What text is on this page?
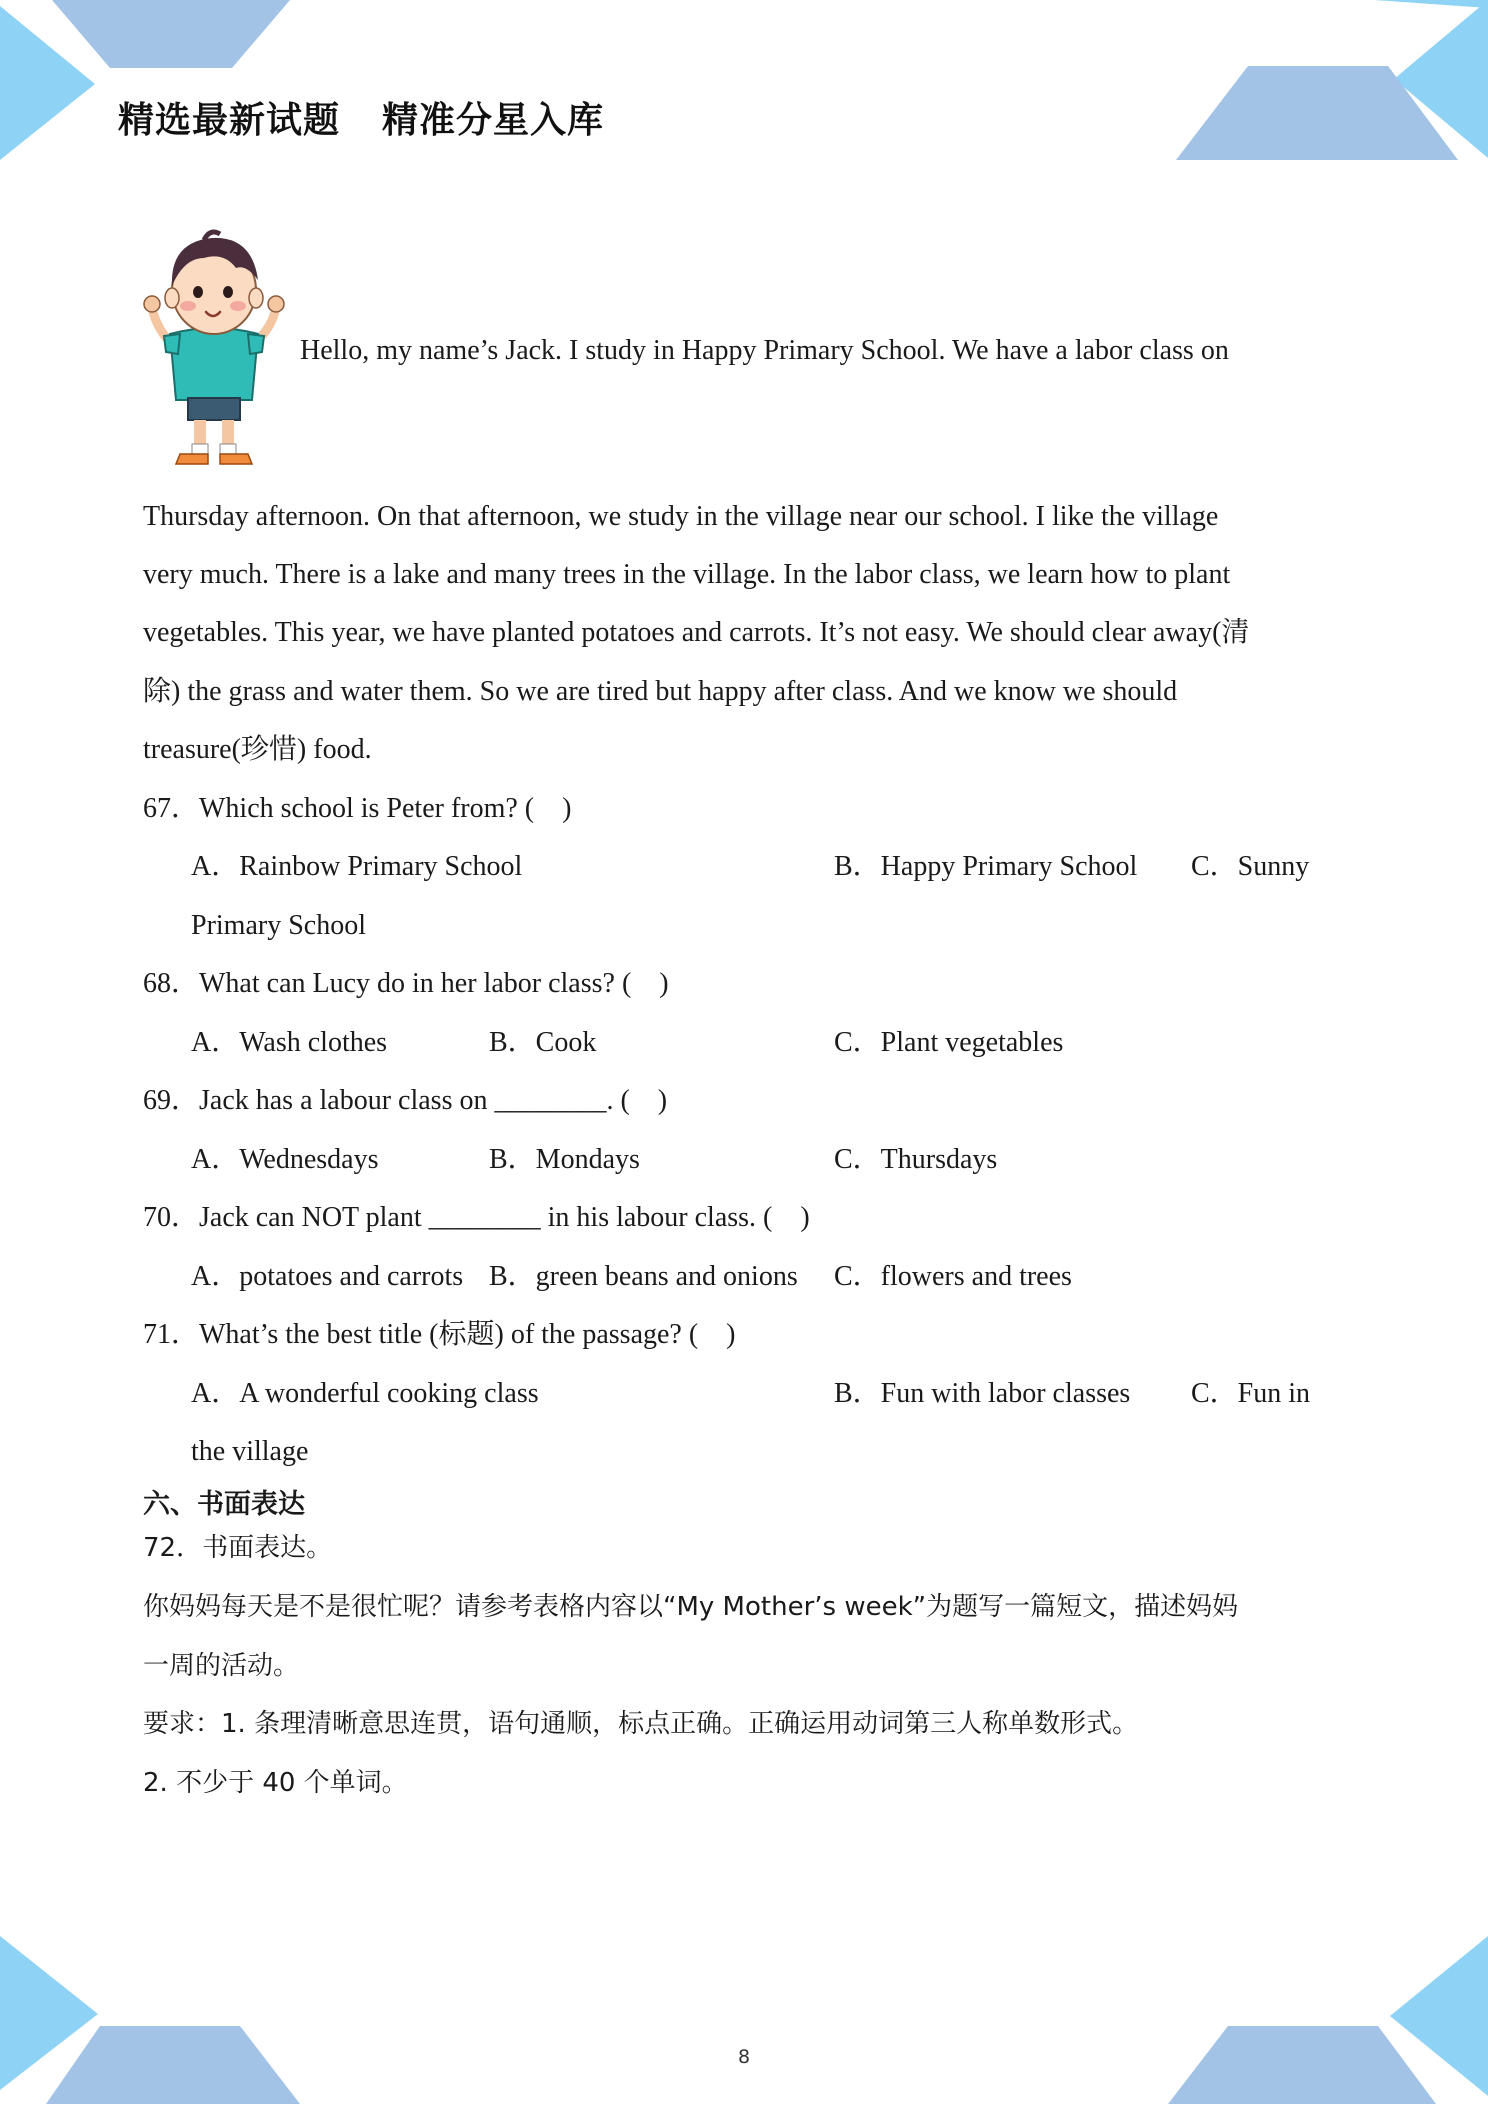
精选最新试题 精准分星入库
Hello, my name’s Jack. I study in Happy Primary School. We have a labor class on
Thursday afternoon. On that afternoon, we study in the village near our school. I like the village
very much. There is a lake and many trees in the village. In the labor class, we learn how to plant
vegetables. This year, we have planted potatoes and carrots. It’s not easy. We should clear away(清
除) the grass and water them. So we are tired but happy after class. And we know we should
treasure(珍惜) food.
67．Which school is Peter from? (　)
A．Rainbow Primary School	B．Happy Primary School C．Sunny
Primary School
68．What can Lucy do in her labor class? (　)
A．Wash clothes	B．Cook	C．Plant vegetables
69．Jack has a labour class on ________. (　)
A．Wednesdays	B．Mondays	C．Thursdays
70．Jack can NOT plant ________ in his labour class. (　)
A．potatoes and carrots B．green beans and onions C．flowers and trees
71．What’s the best title (标题) of the passage? (　)
A．A wonderful cooking class	B．Fun with labor classes C．Fun in
the village
六、书面表达
72．书面表达。
你妈妈每天是不是很忙呢？请参考表格内容以“My Mother’s week”为题写一篇短文，描述妈妈
一周的活动。
要求：1. 条理清晰意思连贯，语句通顺，标点正确。正确运用动词第三人称单数形式。
2. 不少于 40 个单词。
8
